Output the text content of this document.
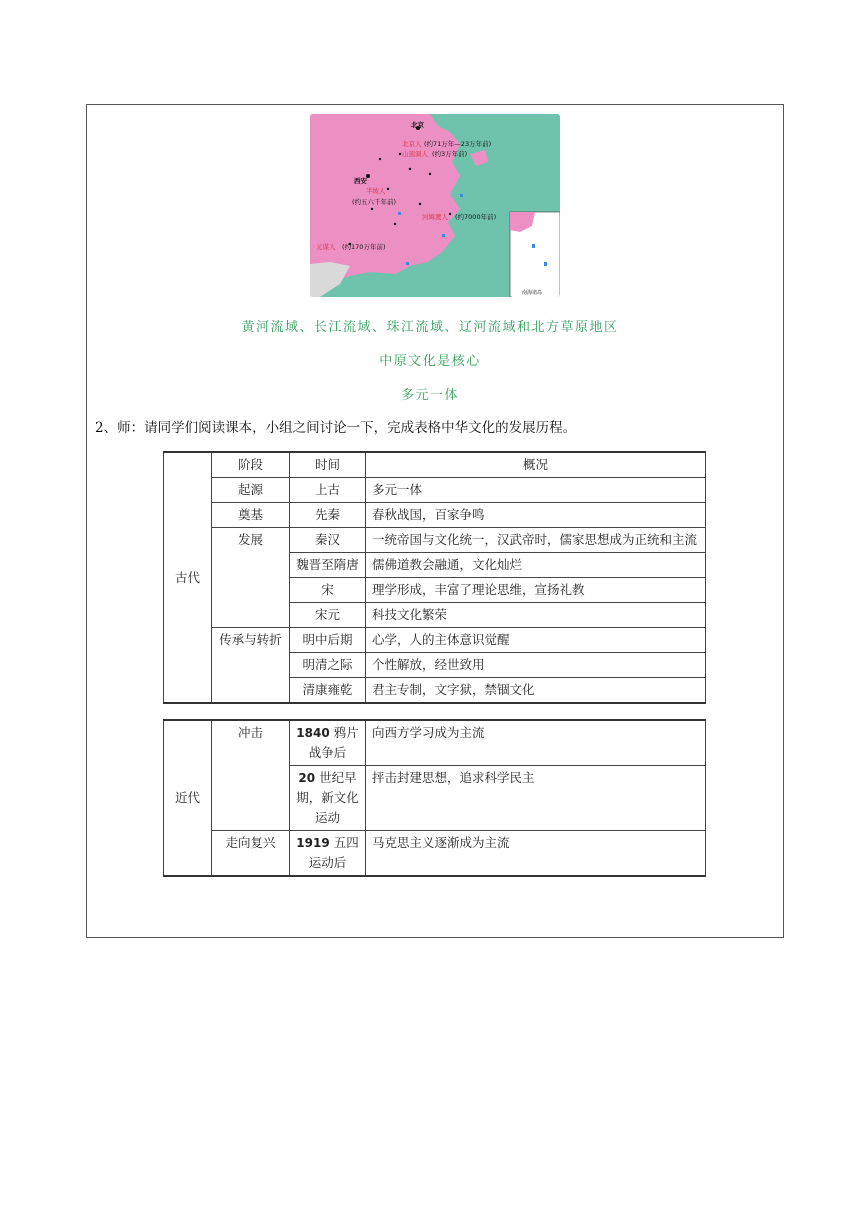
北京
北京人 (约71万年—23万年前)
山顶洞人 (约3万年前)
西安
半坡人
(约五六千年前)
河姆渡人 (约7000年前)
元谋人 (约170万年前)
南海诸岛
黄河流域、长江流域、珠江流域、辽河流域和北方草原地区
中原文化是核心
多元一体
2、师：请同学们阅读课本，小组之间讨论一下，完成表格中华文化的发展历程。
古代	阶段	时间	概况
	起源	上古	多元一体
	奠基	先秦	春秋战国，百家争鸣
	发展	秦汉	一统帝国与文化统一，汉武帝时，儒家思想成为正统和主流
		魏晋至隋唐	儒佛道教会融通，文化灿烂
		宋	理学形成，丰富了理论思维，宣扬礼教
		宋元	科技文化繁荣
	传承与转折	明中后期	心学，人的主体意识觉醒
		明清之际	个性解放，经世致用
		清康雍乾	君主专制，文字狱，禁锢文化
近代	冲击	1840 鸦片战争后	向西方学习成为主流
		20 世纪早期，新文化运动	抨击封建思想，追求科学民主
	走向复兴	1919 五四运动后	马克思主义逐渐成为主流
